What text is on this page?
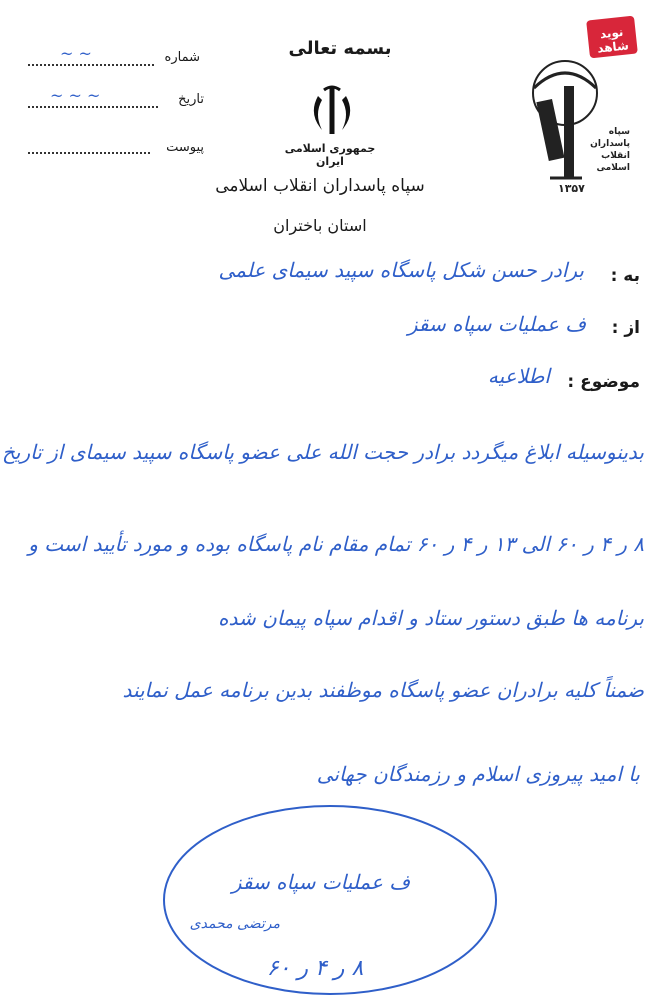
نوید شاهد
سپاه پاسداران انقلاب اسلامی
۱۳۵۷
بسمه تعالی
جمهوری اسلامی ایران
سپاه پاسداران انقلاب اسلامی
استان باختران
شماره
~ ~
تاریخ
~ ~ ~
پیوست
به :
برادر حسن شکل پاسگاه سپید سیمای علمی
از :
ف عملیات سپاه سقز
موضوع :
اطلاعیه
بدینوسیله ابلاغ میگردد برادر حجت الله علی عضو پاسگاه سپید سیمای از تاریخ
۸ ر ۴ ر ۶۰ الی ۱۳ ر ۴ ر ۶۰ تمام مقام نام پاسگاه بوده و مورد تأیید است و
برنامه ها طبق دستور ستاد و اقدام سپاه پیمان شده
ضمناً کلیه برادران عضو پاسگاه موظفند بدین برنامه عمل نمایند
با امید پیروزی اسلام و رزمندگان جهانی
ف عملیات سپاه سقز
مرتضی محمدی
۸ ر ۴ ر ۶۰
